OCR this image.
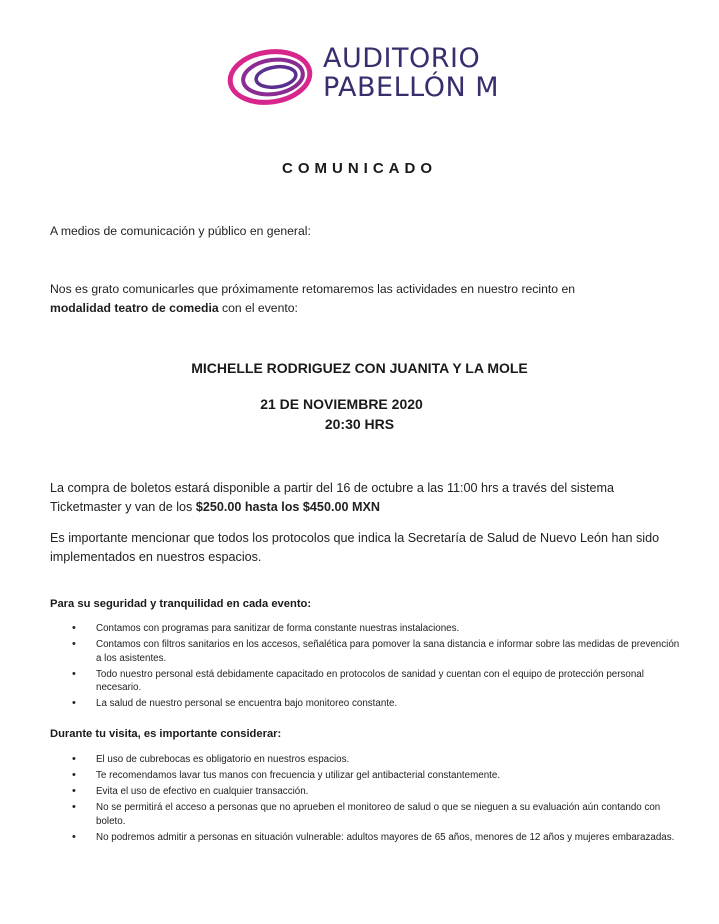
AUDITORIO
PABELLÓN M
COMUNICADO
A medios de comunicación y público en general:
Nos es grato comunicarles que próximamente retomaremos las actividades en nuestro recinto en
modalidad teatro de comedia con el evento:
MICHELLE RODRIGUEZ CON JUANITA Y LA MOLE
21 DE NOVIEMBRE 2020
20:30 HRS
La compra de boletos estará disponible a partir del 16 de octubre a las 11:00 hrs a través del sistema Ticketmaster y van de los $250.00 hasta los $450.00 MXN
Es importante mencionar que todos los protocolos que indica la Secretaría de Salud de Nuevo León han sido implementados en nuestros espacios.
Para su seguridad y tranquilidad en cada evento:
• Contamos con programas para sanitizar de forma constante nuestras instalaciones.
• Contamos con filtros sanitarios en los accesos, señalética para pomover la sana distancia e informar sobre las medidas de prevención a los asistentes.
• Todo nuestro personal está debidamente capacitado en protocolos de sanidad y cuentan con el equipo de protección personal necesario.
• La salud de nuestro personal se encuentra bajo monitoreo constante.
Durante tu visita, es importante considerar:
• El uso de cubrebocas es obligatorio en nuestros espacios.
• Te recomendamos lavar tus manos con frecuencia y utilizar gel antibacterial constantemente.
• Evita el uso de efectivo en cualquier transacción.
• No se permitirá el acceso a personas que no aprueben el monitoreo de salud o que se nieguen a su evaluación aún contando con boleto.
• No podremos admitir a personas en situación vulnerable: adultos mayores de 65 años, menores de 12 años y mujeres embarazadas.
